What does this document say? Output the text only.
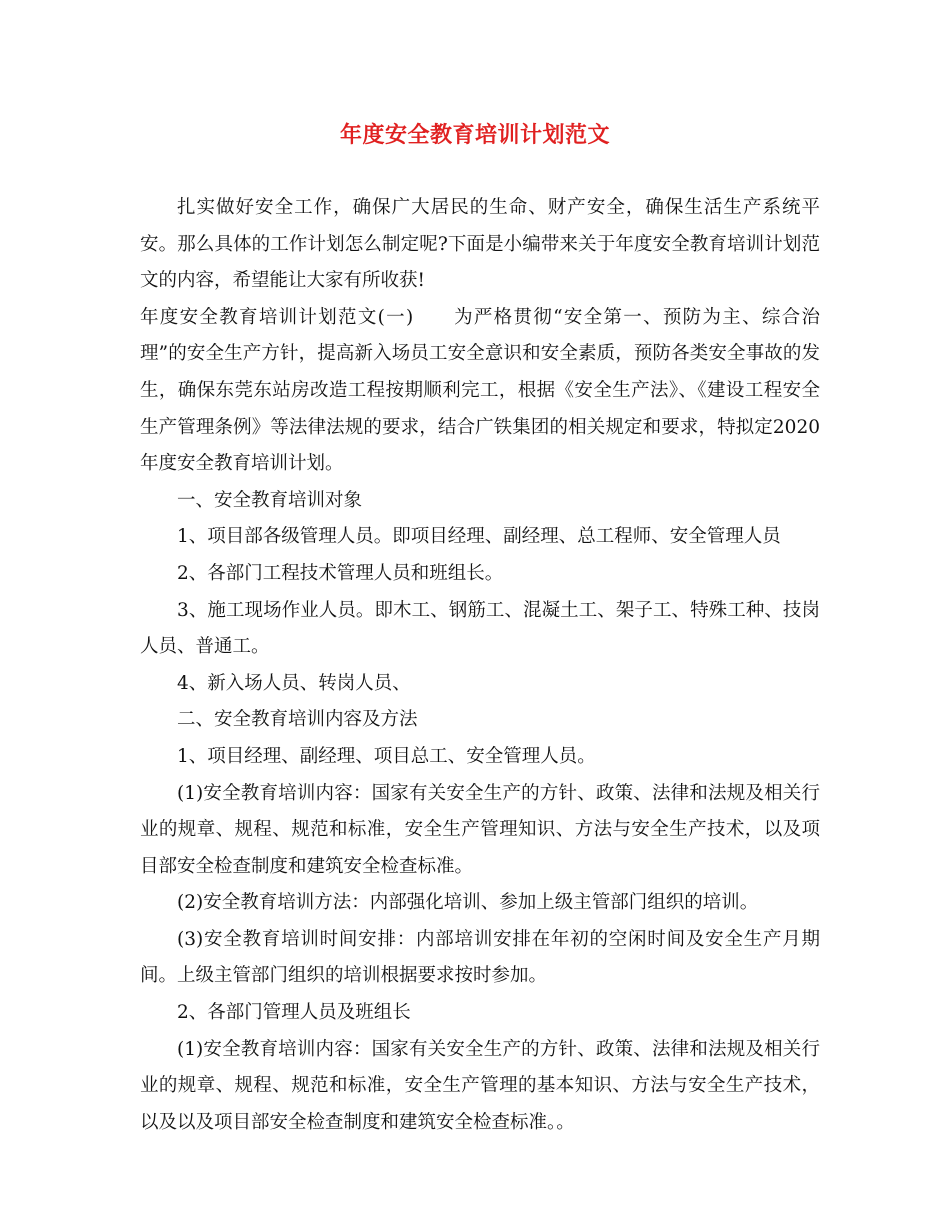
年度安全教育培训计划范文

扎实做好安全工作，确保广大居民的生命、财产安全，确保生活生产系统平安。那么具体的工作计划怎么制定呢?下面是小编带来关于年度安全教育培训计划范文的内容，希望能让大家有所收获!

年度安全教育培训计划范文(一)　　为严格贯彻“安全第一、预防为主、综合治理”的安全生产方针，提高新入场员工安全意识和安全素质，预防各类安全事故的发生，确保东莞东站房改造工程按期顺利完工，根据《安全生产法》、《建设工程安全生产管理条例》等法律法规的要求，结合广铁集团的相关规定和要求，特拟定2020年度安全教育培训计划。

一、安全教育培训对象

1、项目部各级管理人员。即项目经理、副经理、总工程师、安全管理人员

2、各部门工程技术管理人员和班组长。

3、施工现场作业人员。即木工、钢筋工、混凝土工、架子工、特殊工种、技岗人员、普通工。

4、新入场人员、转岗人员、

二、安全教育培训内容及方法

1、项目经理、副经理、项目总工、安全管理人员。

(1)安全教育培训内容：国家有关安全生产的方针、政策、法律和法规及相关行业的规章、规程、规范和标准，安全生产管理知识、方法与安全生产技术，以及项目部安全检查制度和建筑安全检查标准。

(2)安全教育培训方法：内部强化培训、参加上级主管部门组织的培训。

(3)安全教育培训时间安排：内部培训安排在年初的空闲时间及安全生产月期间。上级主管部门组织的培训根据要求按时参加。

2、各部门管理人员及班组长

(1)安全教育培训内容：国家有关安全生产的方针、政策、法律和法规及相关行业的规章、规程、规范和标准，安全生产管理的基本知识、方法与安全生产技术，以及以及项目部安全检查制度和建筑安全检查标准。。
